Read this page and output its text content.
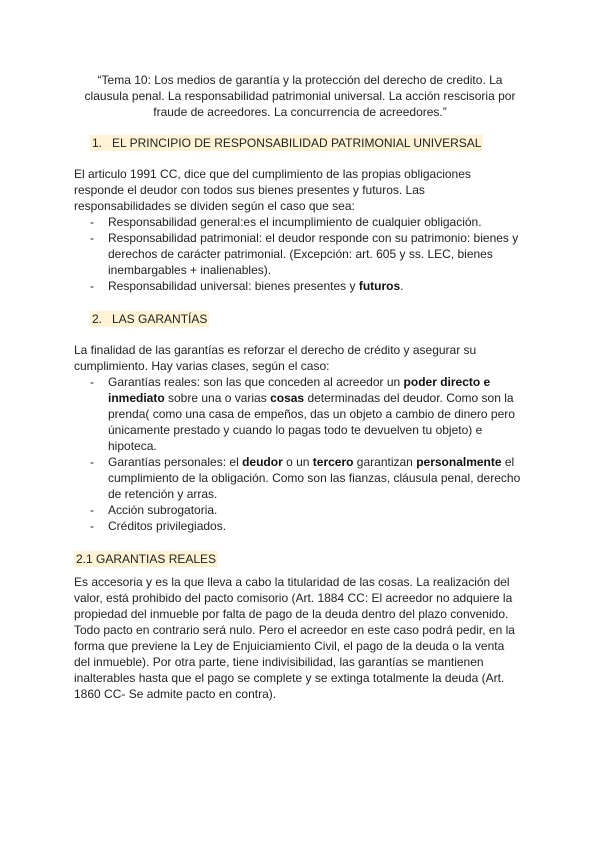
“Tema 10: Los medios de garantía y la protección del derecho de credito. La clausula penal. La responsabilidad patrimonial universal. La acción rescisoria por fraude de acreedores. La concurrencia de acreedores.”

1. EL PRINCIPIO DE RESPONSABILIDAD PATRIMONIAL UNIVERSAL

El articulo 1991 CC, dice que del cumplimiento de las propias obligaciones responde el deudor con todos sus bienes presentes y futuros. Las responsabilidades se dividen según el caso que sea:

- Responsabilidad general:es el incumplimiento de cualquier obligación.
- Responsabilidad patrimonial: el deudor responde con su patrimonio: bienes y derechos de carácter patrimonial. (Excepción: art. 605 y ss. LEC, bienes inembargables + inalienables).
- Responsabilidad universal: bienes presentes y futuros.
2. LAS GARANTÍAS

La finalidad de las garantías es reforzar el derecho de crédito y asegurar su cumplimiento. Hay varias clases, según el caso:

- Garantías reales: son las que conceden al acreedor un poder directo e inmediato sobre una o varias cosas determinadas del deudor. Como son la prenda( como una casa de empeños, das un objeto a cambio de dinero pero únicamente prestado y cuando lo pagas todo te devuelven tu objeto) e hipoteca.
- Garantías personales: el deudor o un tercero garantizan personalmente el cumplimiento de la obligación. Como son las fianzas, cláusula penal, derecho de retención y arras.
- Acción subrogatoria.
- Créditos privilegiados.
2.1 GARANTIAS REALES

Es accesoria y es la que lleva a cabo la titularidad de las cosas. La realización del valor, está prohibido del pacto comisorio (Art. 1884 CC: El acreedor no adquiere la propiedad del inmueble por falta de pago de la deuda dentro del plazo convenido. Todo pacto en contrario será nulo. Pero el acreedor en este caso podrá pedir, en la forma que previene la Ley de Enjuiciamiento Civil, el pago de la deuda o la venta del inmueble). Por otra parte, tiene indivisibilidad, las garantías se mantienen inalterables hasta que el pago se complete y se extinga totalmente la deuda (Art. 1860 CC- Se admite pacto en contra).
